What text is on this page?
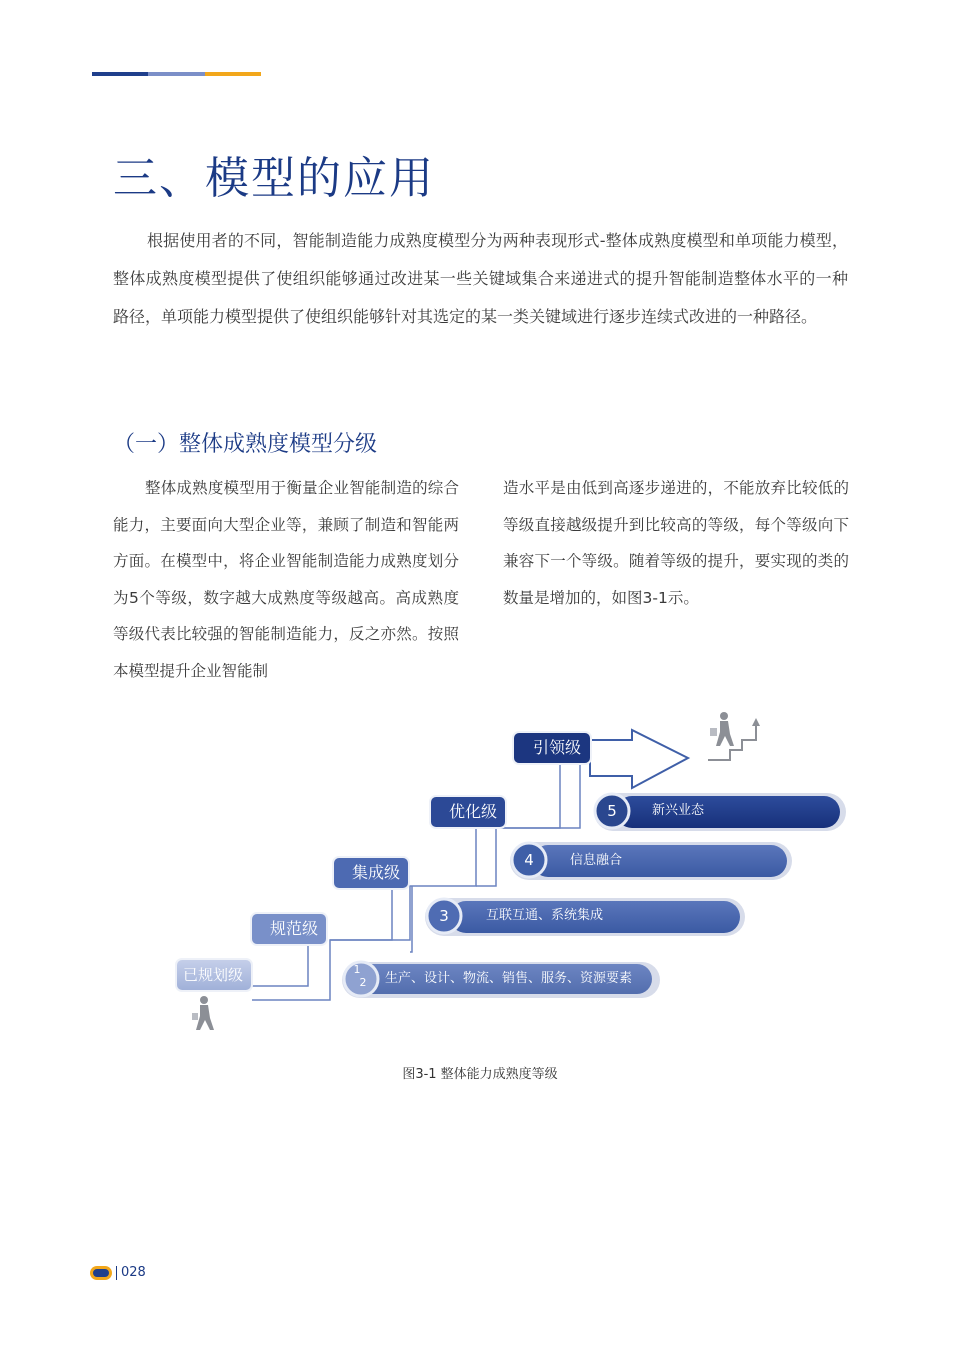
三、模型的应用

根据使用者的不同，智能制造能力成熟度模型分为两种表现形式-整体成熟度模型和单项能力模型，整体成熟度模型提供了使组织能够通过改进某一些关键域集合来递进式的提升智能制造整体水平的一种路径，单项能力模型提供了使组织能够针对其选定的某一类关键域进行逐步连续式改进的一种路径。

（一）整体成熟度模型分级

整体成熟度模型用于衡量企业智能制造的综合能力，主要面向大型企业等，兼顾了制造和智能两方面。在模型中，将企业智能制造能力成熟度划分为5个等级，数字越大成熟度等级越高。高成熟度等级代表比较强的智能制造能力，反之亦然。按照本模型提升企业智能制

造水平是由低到高逐步递进的，不能放弃比较低的等级直接越级提升到比较高的等级，每个等级向下兼容下一个等级。随着等级的提升，要实现的类的数量是增加的，如图3-1示。

已规划级
规范级
集成级
优化级
引领级
1
2
3
4
5
生产、设计、物流、销售、服务、资源要素
互联互通、系统集成
信息融合
新兴业态
图3-1 整体能力成熟度等级
028
